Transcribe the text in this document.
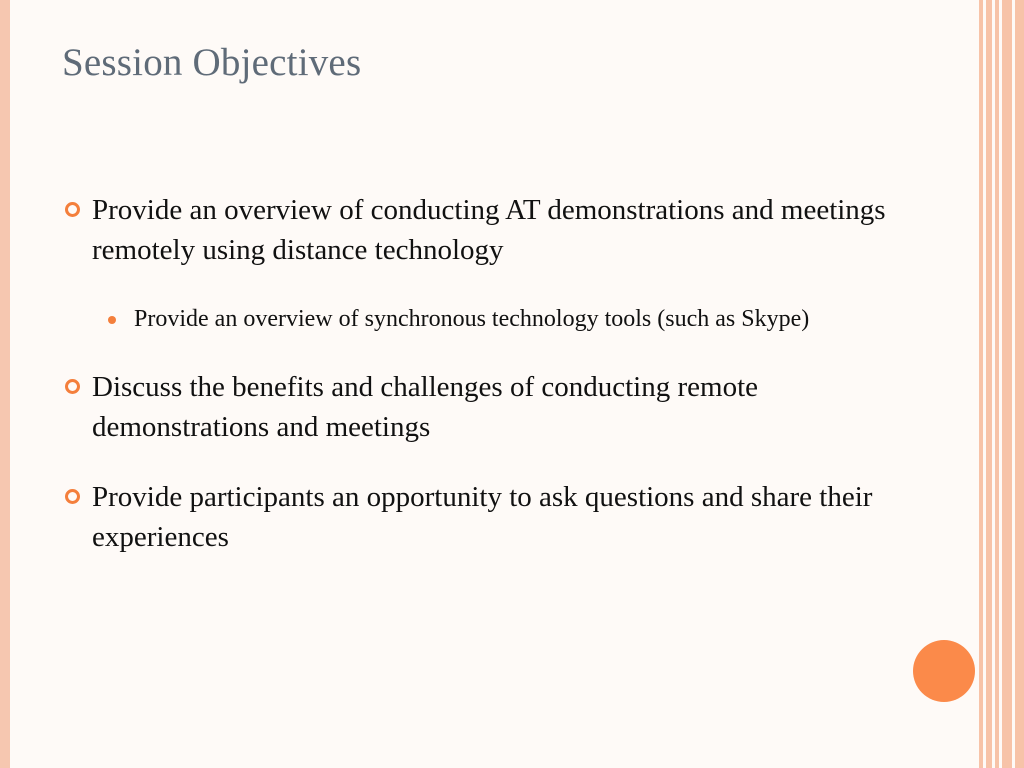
Session Objectives
Provide an overview of conducting AT demonstrations and meetings remotely using distance technology
Provide an overview of synchronous technology tools (such as Skype)
Discuss the benefits and challenges of conducting remote demonstrations and meetings
Provide participants an opportunity to ask questions and share their experiences
